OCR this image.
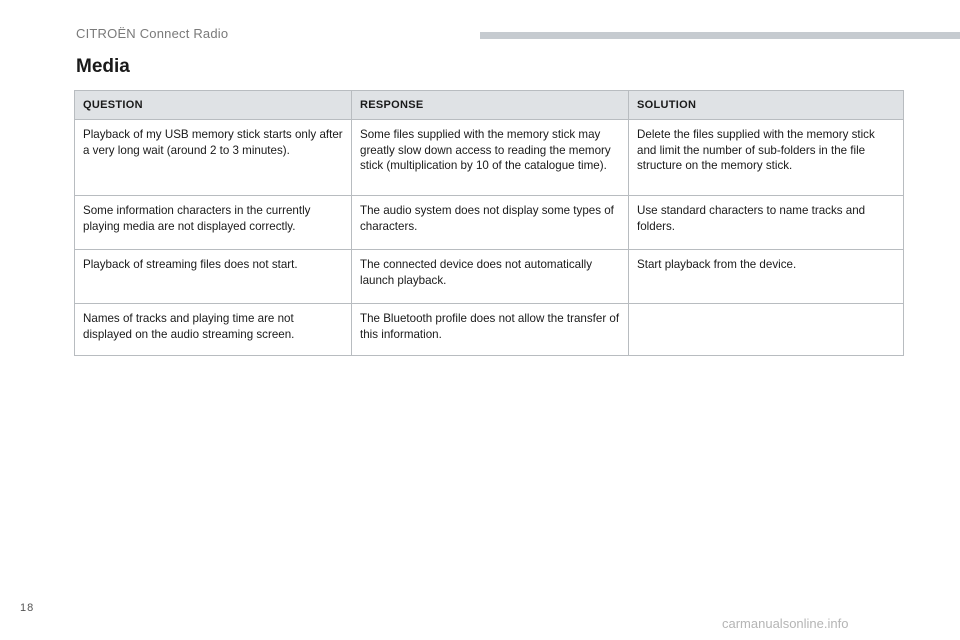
CITROËN Connect Radio
Media
QUESTION	RESPONSE	SOLUTION
Playback of my USB memory stick starts only after a very long wait (around 2 to 3 minutes).	Some files supplied with the memory stick may greatly slow down access to reading the memory stick (multiplication by 10 of the catalogue time).	Delete the files supplied with the memory stick and limit the number of sub-folders in the file structure on the memory stick.
Some information characters in the currently playing media are not displayed correctly.	The audio system does not display some types of characters.	Use standard characters to name tracks and folders.
Playback of streaming files does not start.	The connected device does not automatically launch playback.	Start playback from the device.
Names of tracks and playing time are not displayed on the audio streaming screen.	The Bluetooth profile does not allow the transfer of this information.	
18
carmanualsonline.info
